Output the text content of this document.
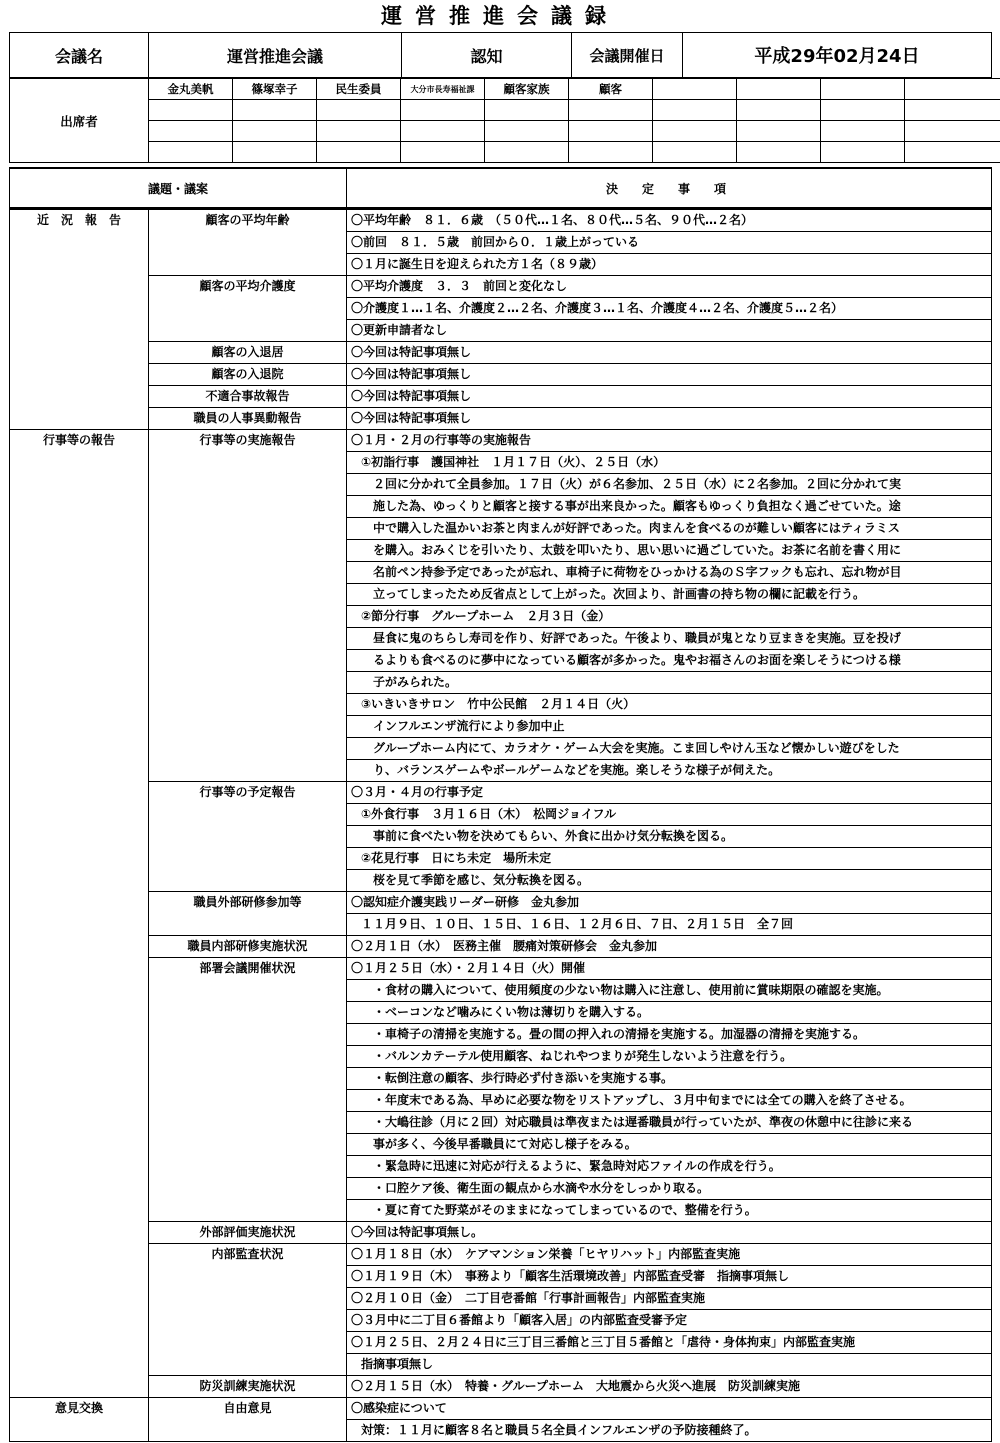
運営推進会議録
会議名	運営推進会議	認知	会議開催日	平成29年02月24日
出席者	金丸美帆	篠塚幸子	民生委員	大分市長寿福祉課	顧客家族	顧客				

議題・議案	決　定　事　項
近　況　報　告	顧客の平均年齢	〇平均年齢　８１．６歳　（５０代…１名、８０代…５名、９０代…２名）
		〇前回　８１．５歳　前回から０．１歳上がっている
		〇１月に誕生日を迎えられた方１名（８９歳）
	顧客の平均介護度	〇平均介護度　３．３　前回と変化なし
		〇介護度１…１名、介護度２…２名、介護度３…１名、介護度４…２名、介護度５…２名）
		〇更新申請者なし
	顧客の入退居	〇今回は特記事項無し
	顧客の入退院	〇今回は特記事項無し
	不適合事故報告	〇今回は特記事項無し
	職員の人事異動報告	〇今回は特記事項無し
行事等の報告	行事等の実施報告	〇１月・２月の行事等の実施報告
		①初詣行事　護国神社　１月１７日（火）、２５日（水）
		２回に分かれて全員参加。１７日（火）が６名参加、２５日（水）に２名参加。２回に分かれて実
		施した為、ゆっくりと顧客と接する事が出来良かった。顧客もゆっくり負担なく過ごせていた。途
		中で購入した温かいお茶と肉まんが好評であった。肉まんを食べるのが難しい顧客にはティラミス
		を購入。おみくじを引いたり、太鼓を叩いたり、思い思いに過ごしていた。お茶に名前を書く用に
		名前ペン持参予定であったが忘れ、車椅子に荷物をひっかける為のＳ字フックも忘れ、忘れ物が目
		立ってしまったため反省点として上がった。次回より、計画書の持ち物の欄に記載を行う。
		②節分行事　グループホーム　２月３日（金）
		昼食に鬼のちらし寿司を作り、好評であった。午後より、職員が鬼となり豆まきを実施。豆を投げ
		るよりも食べるのに夢中になっている顧客が多かった。鬼やお福さんのお面を楽しそうにつける様
		子がみられた。
		③いきいきサロン　竹中公民館　２月１４日（火）
		インフルエンザ流行により参加中止
		グループホーム内にて、カラオケ・ゲーム大会を実施。こま回しやけん玉など懐かしい遊びをした
		り、バランスゲームやボールゲームなどを実施。楽しそうな様子が伺えた。
	行事等の予定報告	〇３月・４月の行事予定
		①外食行事　３月１６日（木）　松岡ジョイフル
		事前に食べたい物を決めてもらい、外食に出かけ気分転換を図る。
		②花見行事　日にち未定　場所未定
		桜を見て季節を感じ、気分転換を図る。
	職員外部研修参加等	〇認知症介護実践リーダー研修　金丸参加
		１１月９日、１０日、１５日、１６日、１２月６日、７日、２月１５日　全７回
	職員内部研修実施状況	〇２月１日（水）　医務主催　腰痛対策研修会　金丸参加
	部署会議開催状況	〇１月２５日（水）・２月１４日（火）開催
		・食材の購入について、使用頻度の少ない物は購入に注意し、使用前に賞味期限の確認を実施。
		・ベーコンなど噛みにくい物は薄切りを購入する。
		・車椅子の清掃を実施する。畳の間の押入れの清掃を実施する。加湿器の清掃を実施する。
		・バルンカテーテル使用顧客、ねじれやつまりが発生しないよう注意を行う。
		・転倒注意の顧客、歩行時必ず付き添いを実施する事。
		・年度末である為、早めに必要な物をリストアップし、３月中旬までには全ての購入を終了させる。
		・大嶋往診（月に２回）対応職員は準夜または遅番職員が行っていたが、準夜の休憩中に往診に来る
		事が多く、今後早番職員にて対応し様子をみる。
		・緊急時に迅速に対応が行えるように、緊急時対応ファイルの作成を行う。
		・口腔ケア後、衛生面の観点から水滴や水分をしっかり取る。
		・夏に育てた野菜がそのままになってしまっているので、整備を行う。
	外部評価実施状況	〇今回は特記事項無し。
	内部監査状況	〇１月１８日（水）　ケアマンション栄養「ヒヤリハット」内部監査実施
		〇１月１９日（木）　事務より「顧客生活環境改善」内部監査受審　指摘事項無し
		〇２月１０日（金）　二丁目壱番館「行事計画報告」内部監査実施
		〇３月中に二丁目６番館より「顧客入居」の内部監査受審予定
		〇１月２５日、２月２４日に三丁目三番館と三丁目５番館と「虐待・身体拘束」内部監査実施
		指摘事項無し
	防災訓練実施状況	〇２月１５日（水）　特養・グループホーム　大地震から火災へ進展　防災訓練実施
意見交換	自由意見	〇感染症について
		対策：１１月に顧客８名と職員５名全員インフルエンザの予防接種終了。
